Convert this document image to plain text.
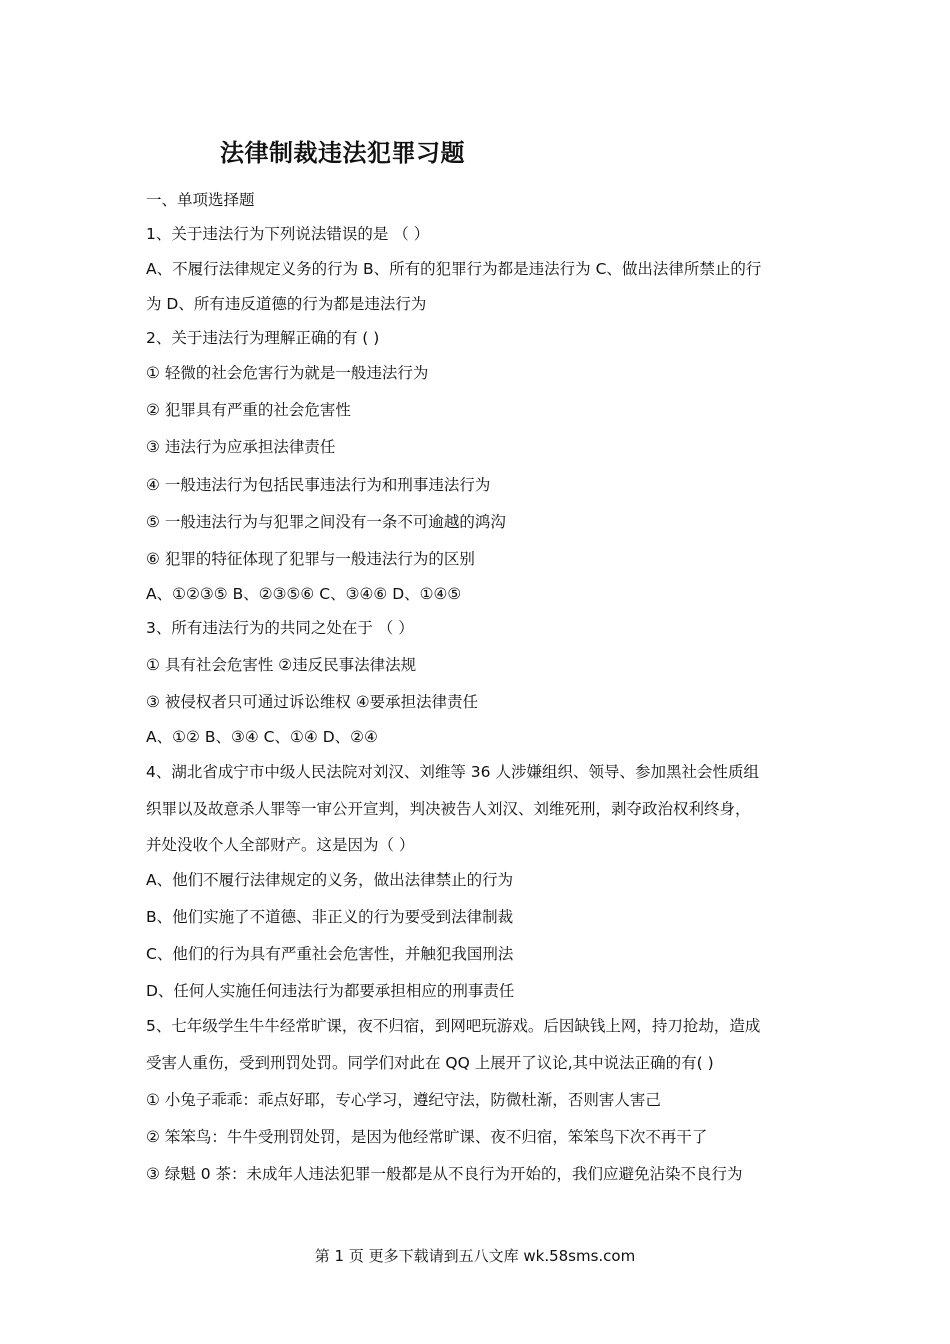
法律制裁违法犯罪习题
一、单项选择题
1、关于违法行为下列说法错误的是 （ ）
A、不履行法律规定义务的行为 B、所有的犯罪行为都是违法行为 C、做出法律所禁止的行
为 D、所有违反道德的行为都是违法行为
2、关于违法行为理解正确的有 ( )
① 轻微的社会危害行为就是一般违法行为
② 犯罪具有严重的社会危害性
③ 违法行为应承担法律责任
④ 一般违法行为包括民事违法行为和刑事违法行为
⑤ 一般违法行为与犯罪之间没有一条不可逾越的鸿沟
⑥ 犯罪的特征体现了犯罪与一般违法行为的区别
A、①②③⑤ B、②③⑤⑥ C、③④⑥ D、①④⑤
3、所有违法行为的共同之处在于 （ ）
① 具有社会危害性 ②违反民事法律法规
③ 被侵权者只可通过诉讼维权 ④要承担法律责任
A、①② B、③④ C、①④ D、②④
4、湖北省成宁市中级人民法院对刘汉、刘维等 36 人涉嫌组织、领导、参加黑社会性质组
织罪以及故意杀人罪等一审公开宣判，判决被告人刘汉、刘维死刑，剥夺政治权利终身，
并处没收个人全部财产。这是因为（ ）
A、他们不履行法律规定的义务，做出法律禁止的行为
B、他们实施了不道德、非正义的行为要受到法律制裁
C、他们的行为具有严重社会危害性，并触犯我国刑法
D、任何人实施任何违法行为都要承担相应的刑事责任
5、七年级学生牛牛经常旷课，夜不归宿，到网吧玩游戏。后因缺钱上网，持刀抢劫，造成
受害人重伤，受到刑罚处罚。同学们对此在 QQ 上展开了议论,其中说法正确的有( )
① 小兔子乖乖：乖点好耶，专心学习，遵纪守法，防微杜渐，否则害人害己
② 笨笨鸟：牛牛受刑罚处罚，是因为他经常旷课、夜不归宿，笨笨鸟下次不再干了
③ 绿魁 0 茶：未成年人违法犯罪一般都是从不良行为开始的，我们应避免沾染不良行为
第 1 页 更多下载请到五八文库 wk.58sms.com
